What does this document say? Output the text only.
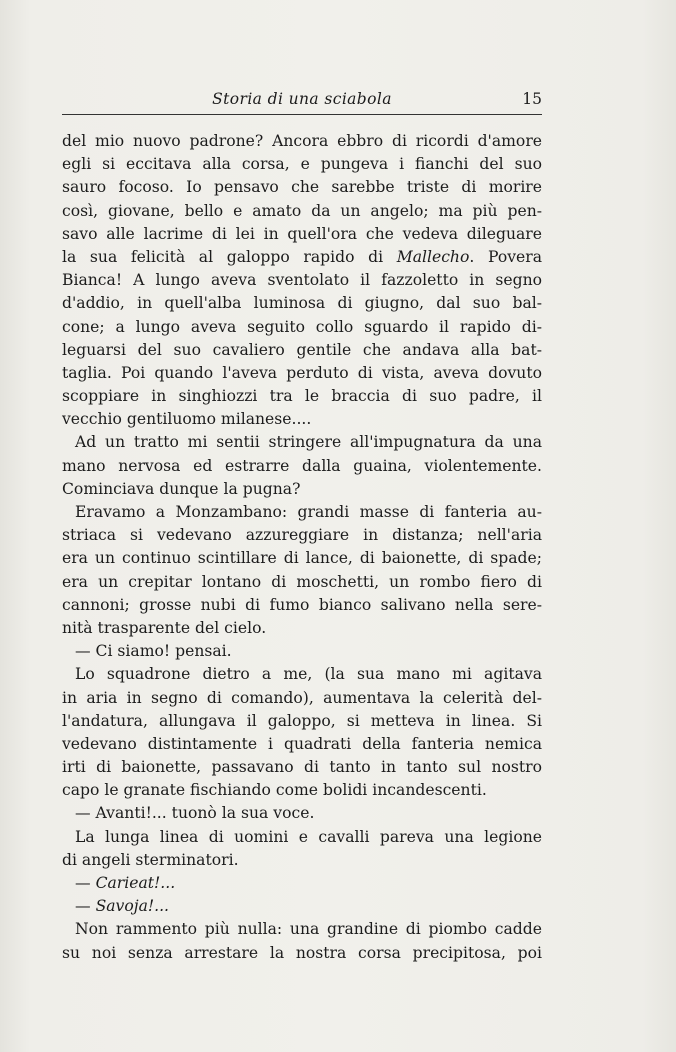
Storia di una sciabola	15
del mio nuovo padrone? Ancora ebbro di ricordi d'amore
egli si eccitava alla corsa, e pungeva i fianchi del suo
sauro focoso. Io pensavo che sarebbe triste di morire
così, giovane, bello e amato da un angelo; ma più pen-
savo alle lacrime di lei in quell'ora che vedeva dileguare
la sua felicità al galoppo rapido di Mallecho. Povera
Bianca! A lungo aveva sventolato il fazzoletto in segno
d'addio, in quell'alba luminosa di giugno, dal suo bal-
cone; a lungo aveva seguito collo sguardo il rapido di-
leguarsi del suo cavaliero gentile che andava alla bat-
taglia. Poi quando l'aveva perduto di vista, aveva dovuto
scoppiare in singhiozzi tra le braccia di suo padre, il
vecchio gentiluomo milanese....
Ad un tratto mi sentii stringere all'impugnatura da una
mano nervosa ed estrarre dalla guaina, violentemente.
Cominciava dunque la pugna?
Eravamo a Monzambano: grandi masse di fanteria au-
striaca si vedevano azzureggiare in distanza; nell'aria
era un continuo scintillare di lance, di baionette, di spade;
era un crepitar lontano di moschetti, un rombo fiero di
cannoni; grosse nubi di fumo bianco salivano nella sere-
nità trasparente del cielo.
— Ci siamo! pensai.
Lo squadrone dietro a me, (la sua mano mi agitava
in aria in segno di comando), aumentava la celerità del-
l'andatura, allungava il galoppo, si metteva in linea. Si
vedevano distintamente i quadrati della fanteria nemica
irti di baionette, passavano di tanto in tanto sul nostro
capo le granate fischiando come bolidi incandescenti.
— Avanti!... tuonò la sua voce.
La lunga linea di uomini e cavalli pareva una legione
di angeli sterminatori.
— Carieat!...
— Savoja!...
Non rammento più nulla: una grandine di piombo cadde
su noi senza arrestare la nostra corsa precipitosa, poi
